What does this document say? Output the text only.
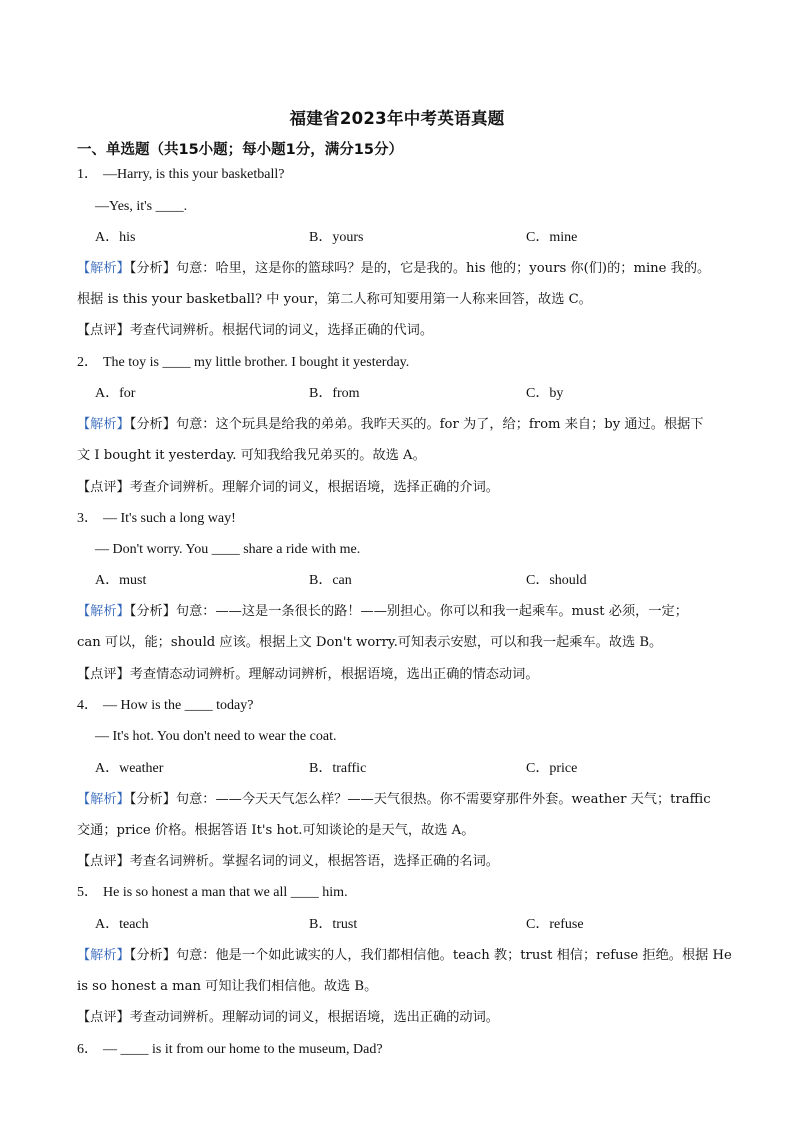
福建省2023年中考英语真题
一、单选题（共15小题；每小题1分，满分15分）
1． —Harry, is this your basketball?
—Yes, it's ____.
A．his	B．yours	C．mine
【解析】【分析】句意：哈里，这是你的篮球吗？是的，它是我的。his 他的；yours 你(们)的；mine 我的。
根据 is this your basketball? 中 your，第二人称可知要用第一人称来回答，故选 C。
【点评】考查代词辨析。根据代词的词义，选择正确的代词。
2． The toy is ____ my little brother. I bought it yesterday.
A．for	B．from	C．by
【解析】【分析】句意：这个玩具是给我的弟弟。我昨天买的。for 为了，给；from 来自；by 通过。根据下
文 I bought it yesterday. 可知我给我兄弟买的。故选 A。
【点评】考查介词辨析。理解介词的词义，根据语境，选择正确的介词。
3． — It's such a long way!
— Don't worry. You ____ share a ride with me.
A．must	B．can	C．should
【解析】【分析】句意：——这是一条很长的路！——别担心。你可以和我一起乘车。must 必须，一定；
can 可以，能；should 应该。根据上文 Don't worry.可知表示安慰，可以和我一起乘车。故选 B。
【点评】考查情态动词辨析。理解动词辨析，根据语境，选出正确的情态动词。
4． — How is the ____ today?
— It's hot. You don't need to wear the coat.
A．weather	B．traffic	C．price
【解析】【分析】句意：——今天天气怎么样？——天气很热。你不需要穿那件外套。weather 天气；traffic
交通；price 价格。根据答语 It's hot.可知谈论的是天气，故选 A。
【点评】考查名词辨析。掌握名词的词义，根据答语，选择正确的名词。
5． He is so honest a man that we all ____ him.
A．teach	B．trust	C．refuse
【解析】【分析】句意：他是一个如此诚实的人，我们都相信他。teach 教；trust 相信；refuse 拒绝。根据 He
is so honest a man 可知让我们相信他。故选 B。
【点评】考查动词辨析。理解动词的词义，根据语境，选出正确的动词。
6． — ____ is it from our home to the museum, Dad?
